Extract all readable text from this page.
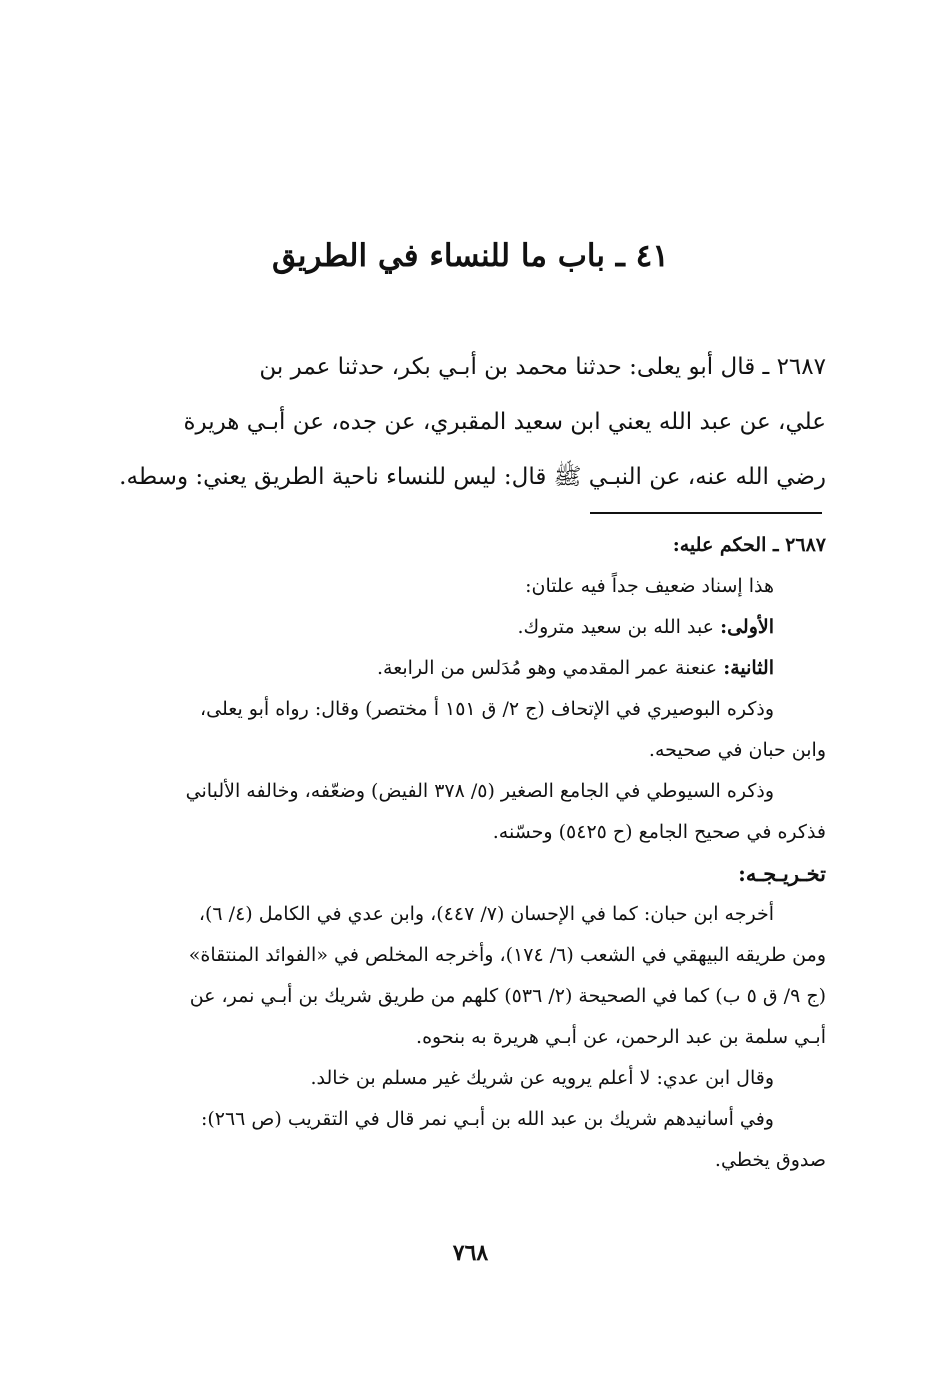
٤١ ـ باب ما للنساء في الطريق

٢٦٨٧ ـ قال أبو يعلى: حدثنا محمد بن أبـي بكر، حدثنا عمر بن

علي، عن عبد الله يعني ابن سعيد المقبري، عن جده، عن أبـي هريرة

رضي الله عنه، عن النبـي ﷺ قال: ليس للنساء ناحية الطريق يعني: وسطه.

٢٦٨٧ ـ الحكم عليه:

هذا إسناد ضعيف جداً فيه علتان:

الأولى: عبد الله بن سعيد متروك.

الثانية: عنعنة عمر المقدمي وهو مُدَلس من الرابعة.

وذكره البوصيري في الإتحاف (ج ٢/ ق ١٥١ أ مختصر) وقال: رواه أبو يعلى،

وابن حبان في صحيحه.

وذكره السيوطي في الجامع الصغير (٥/ ٣٧٨ الفيض) وضعّفه، وخالفه الألباني

فذكره في صحيح الجامع (ح ٥٤٢٥) وحسّنه.

تخـريـجـه:

أخرجه ابن حبان: كما في الإحسان (٧/ ٤٤٧)، وابن عدي في الكامل (٤/ ٦)،

ومن طريقه البيهقي في الشعب (٦/ ١٧٤)، وأخرجه المخلص في «الفوائد المنتقاة»

(ج ٩/ ق ٥ ب) كما في الصحيحة (٢/ ٥٣٦) كلهم من طريق شريك بن أبـي نمر، عن

أبـي سلمة بن عبد الرحمن، عن أبـي هريرة به بنحوه.

وقال ابن عدي: لا أعلم يرويه عن شريك غير مسلم بن خالد.

وفي أسانيدهم شريك بن عبد الله بن أبـي نمر قال في التقريب (ص ٢٦٦):

صدوق يخطي.

٧٦٨
